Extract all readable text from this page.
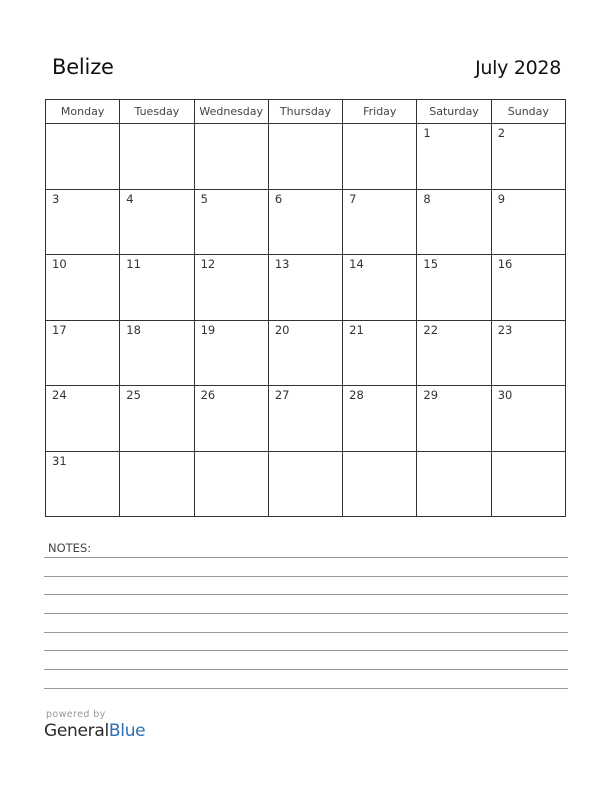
Belize	July 2028
Monday	Tuesday	Wednesday	Thursday	Friday	Saturday	Sunday

					1	2

3	4	5	6	7	8	9

10	11	12	13	14	15	16

17	18	19	20	21	22	23

24	25	26	27	28	29	30

31						

NOTES:
powered by
GeneralBlue
